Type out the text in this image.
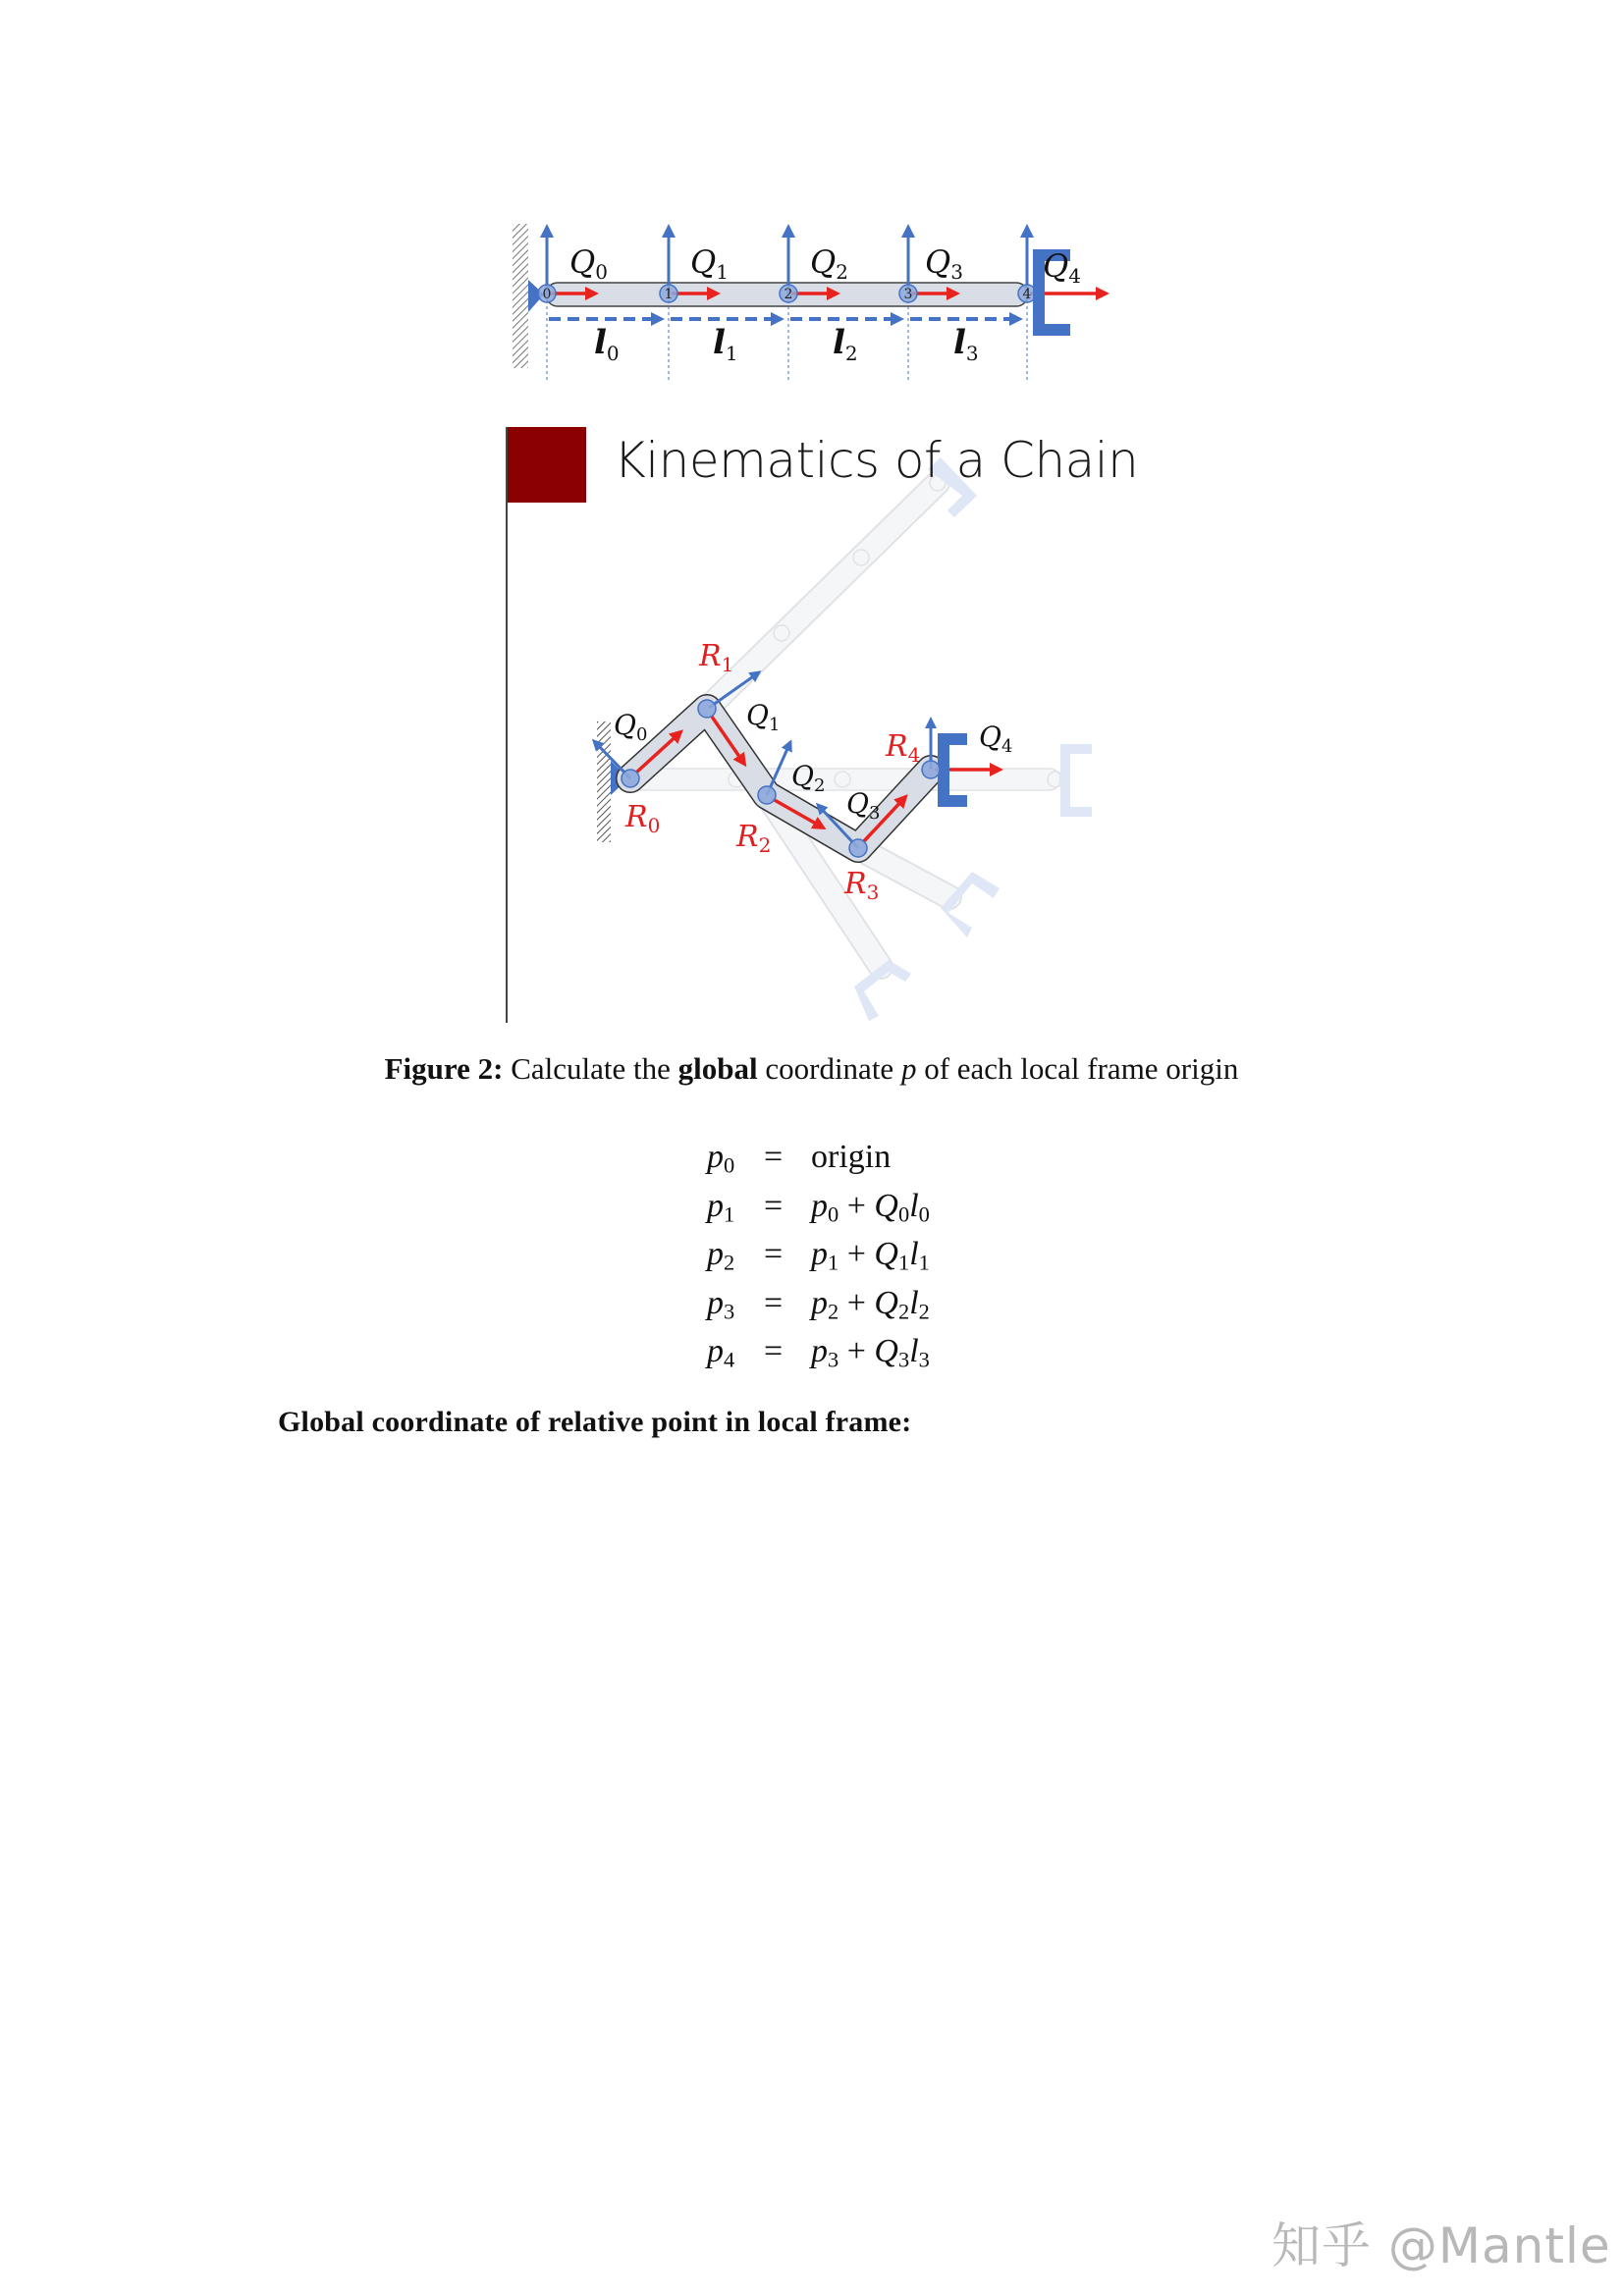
0	1	2	3	4
Q0	Q1	Q2 Q3	Q4
$l_0$	$l_1$	$l_2$	$l_3$
$Q_0$
$Q_1$
$Q_2$
$Q_3$
$Q_4$
$R_0$
$R_1$
$R_2$
$R_3$
$R_4$
Kinematics of a Chain
Figure 2: Calculate the global coordinate p of each local frame origin
$p_0$ = origin
$p_1 = p_0 + Q_0l_0$
$p_2 = p_1 + Q_1l_1$
$p_3 = p_2 + Q_2l_2$
$p_4 = p_3 + Q_3l_3$
Global coordinate of relative point in local frame:
知乎 @Mantle
